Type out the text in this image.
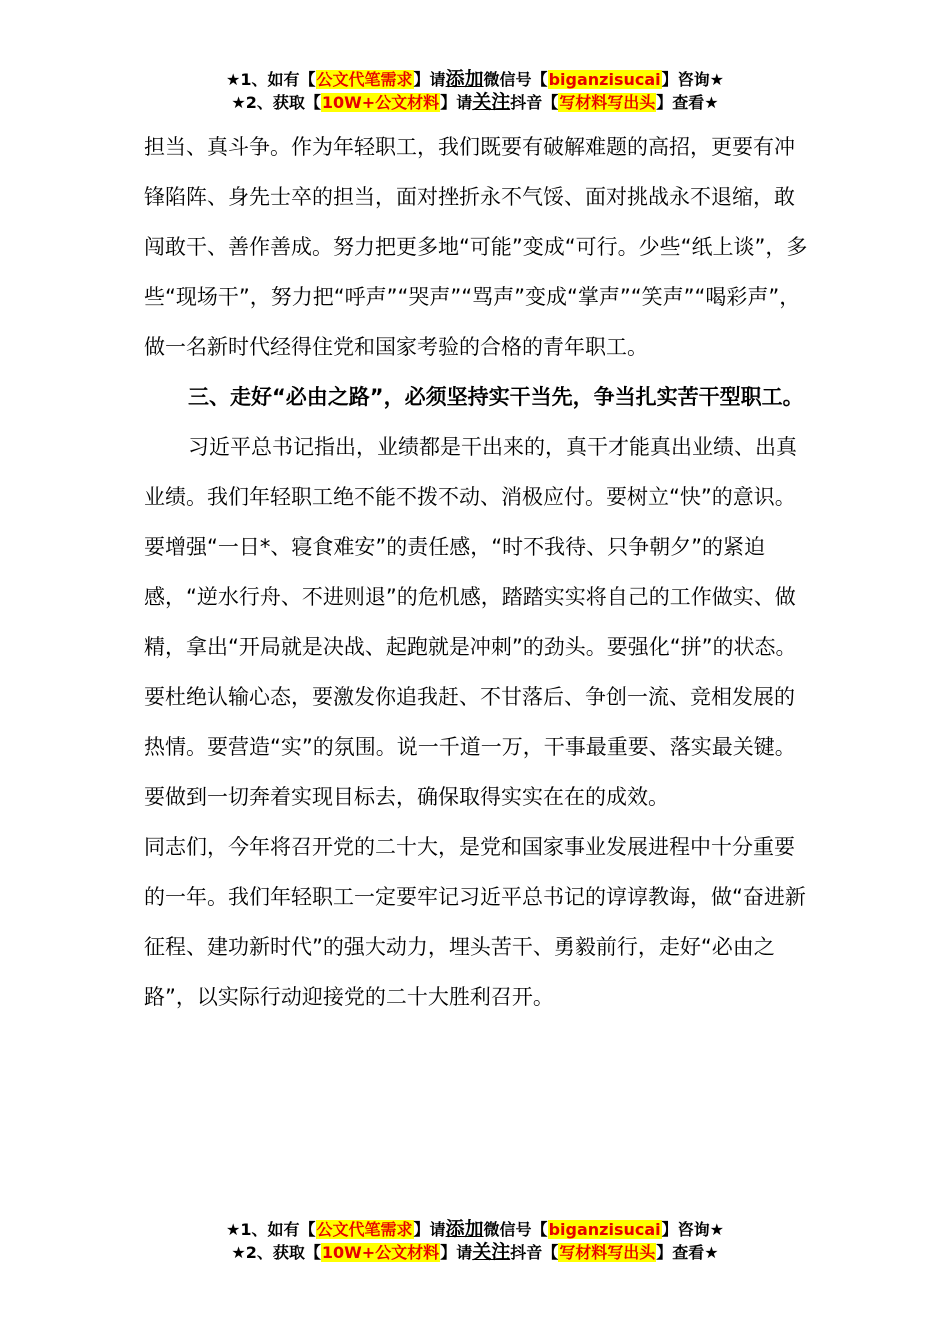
★1、如有【公文代笔需求】请添加微信号【biganzisucai】咨询★
★2、获取【10W+公文材料】请关注抖音【写材料写出头】查看★

担当、真斗争。作为年轻职工，我们既要有破解难题的高招，更要有冲锋陷阵、身先士卒的担当，面对挫折永不气馁、面对挑战永不退缩，敢闯敢干、善作善成。努力把更多地“可能”变成“可行。少些“纸上谈”，多些“现场干”，努力把“呼声”“哭声”“骂声”变成“掌声”“笑声”“喝彩声”，做一名新时代经得住党和国家考验的合格的青年职工。

三、走好“必由之路”，必须坚持实干当先，争当扎实苦干型职工。

习近平总书记指出，业绩都是干出来的，真干才能真出业绩、出真业绩。我们年轻职工绝不能不拨不动、消极应付。要树立“快”的意识。要增强“一日*、寝食难安”的责任感，“时不我待、只争朝夕”的紧迫感，“逆水行舟、不进则退”的危机感，踏踏实实将自己的工作做实、做精，拿出“开局就是决战、起跑就是冲刺”的劲头。要强化“拼”的状态。要杜绝认输心态，要激发你追我赶、不甘落后、争创一流、竞相发展的热情。要营造“实”的氛围。说一千道一万，干事最重要、落实最关键。要做到一切奔着实现目标去，确保取得实实在在的成效。

同志们，今年将召开党的二十大，是党和国家事业发展进程中十分重要的一年。我们年轻职工一定要牢记习近平总书记的谆谆教诲，做“奋进新征程、建功新时代”的强大动力，埋头苦干、勇毅前行，走好“必由之路”，以实际行动迎接党的二十大胜利召开。

★1、如有【公文代笔需求】请添加微信号【biganzisucai】咨询★
★2、获取【10W+公文材料】请关注抖音【写材料写出头】查看★
